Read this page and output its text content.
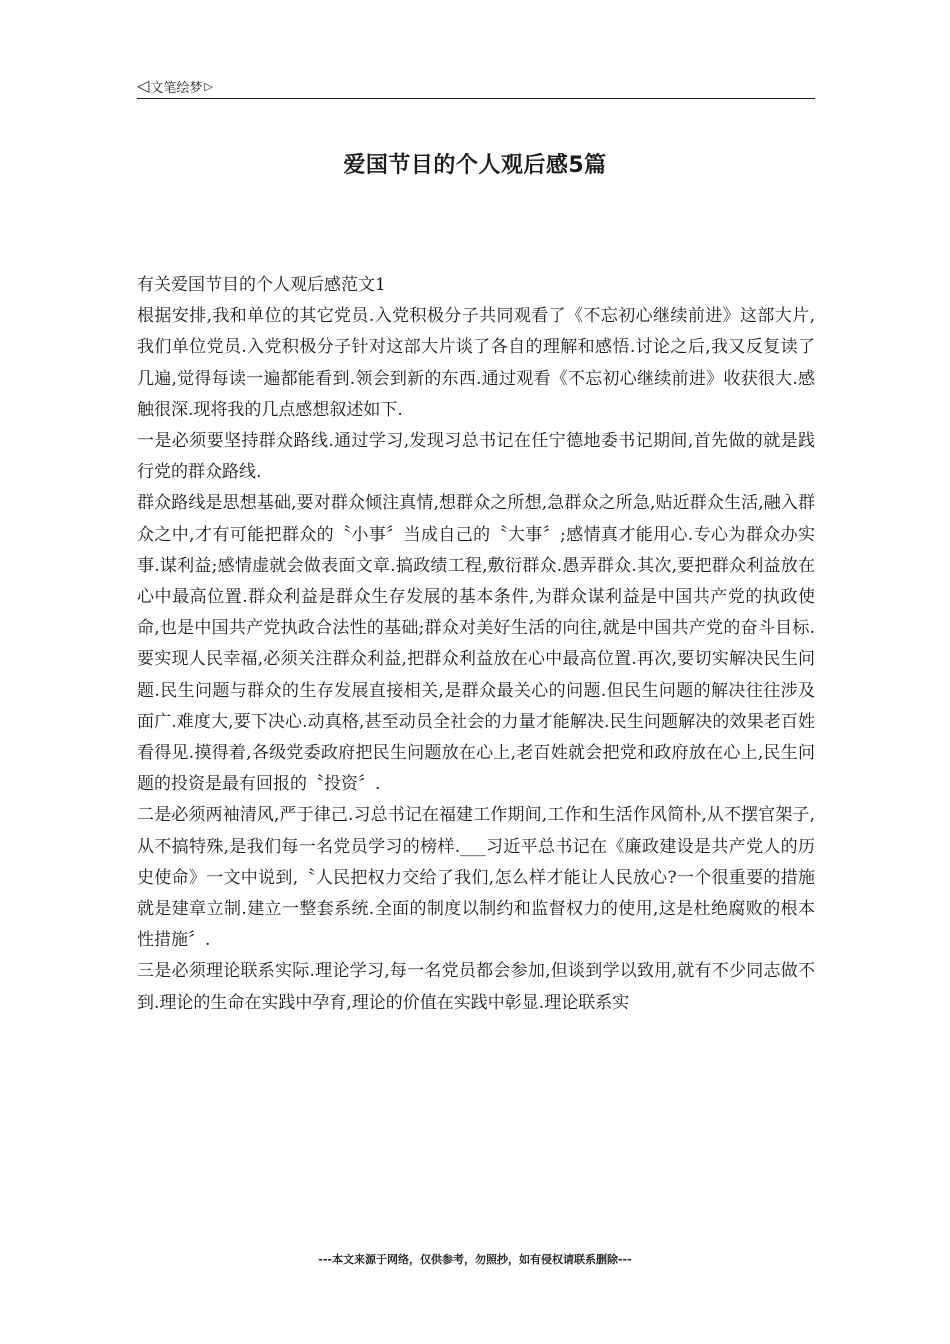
◁ 文笔绘梦 ▷
爱国节目的个人观后感5篇

有关爱国节目的个人观后感范文1

根据安排,我和单位的其它党员.入党积极分子共同观看了《不忘初心继续前进》这部大片,我们单位党员.入党积极分子针对这部大片谈了各自的理解和感悟.讨论之后,我又反复读了几遍,觉得每读一遍都能看到.领会到新的东西.通过观看《不忘初心继续前进》收获很大.感触很深.现将我的几点感想叙述如下.

一是必须要坚持群众路线.通过学习,发现习总书记在任宁德地委书记期间,首先做的就是践行党的群众路线.

群众路线是思想基础,要对群众倾注真情,想群众之所想,急群众之所急,贴近群众生活,融入群众之中,才有可能把群众的〝小事〞当成自己的〝大事〞;感情真才能用心.专心为群众办实事.谋利益;感情虚就会做表面文章.搞政绩工程,敷衍群众.愚弄群众.其次,要把群众利益放在心中最高位置.群众利益是群众生存发展的基本条件,为群众谋利益是中国共产党的执政使命,也是中国共产党执政合法性的基础;群众对美好生活的向往,就是中国共产党的奋斗目标.要实现人民幸福,必须关注群众利益,把群众利益放在心中最高位置.再次,要切实解决民生问题.民生问题与群众的生存发展直接相关,是群众最关心的问题.但民生问题的解决往往涉及面广.难度大,要下决心.动真格,甚至动员全社会的力量才能解决.民生问题解决的效果老百姓看得见.摸得着,各级党委政府把民生问题放在心上,老百姓就会把党和政府放在心上,民生问题的投资是最有回报的〝投资〞.

二是必须两袖清风,严于律己.习总书记在福建工作期间,工作和生活作风简朴,从不摆官架子,从不搞特殊,是我们每一名党员学习的榜样.___习近平总书记在《廉政建设是共产党人的历史使命》一文中说到,〝人民把权力交给了我们,怎么样才能让人民放心?一个很重要的措施就是建章立制.建立一整套系统.全面的制度以制约和监督权力的使用,这是杜绝腐败的根本性措施〞.

三是必须理论联系实际.理论学习,每一名党员都会参加,但谈到学以致用,就有不少同志做不到.理论的生命在实践中孕育,理论的价值在实践中彰显.理论联系实

---本文来源于网络，仅供参考，勿照抄，如有侵权请联系删除---
